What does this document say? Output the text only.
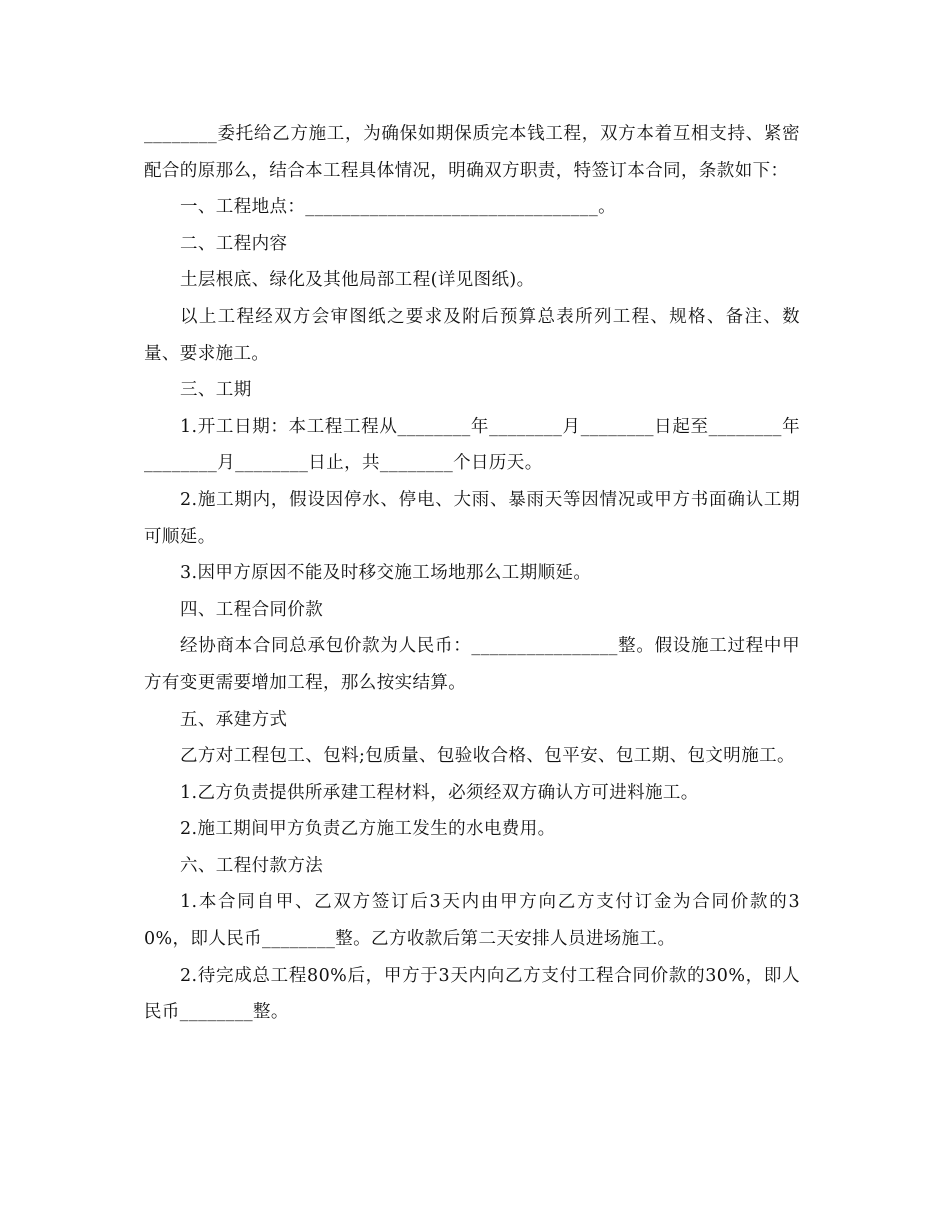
________委托给乙方施工，为确保如期保质完本钱工程，双方本着互相支持、紧密配合的原那么，结合本工程具体情况，明确双方职责，特签订本合同，条款如下：

一、工程地点：________________________________。

二、工程内容

土层根底、绿化及其他局部工程(详见图纸)。

以上工程经双方会审图纸之要求及附后预算总表所列工程、规格、备注、数量、要求施工。

三、工期

1.开工日期：本工程工程从________年________月________日起至________年________月________日止，共________个日历天。

2.施工期内，假设因停水、停电、大雨、暴雨天等因情况或甲方书面确认工期可顺延。

3.因甲方原因不能及时移交施工场地那么工期顺延。

四、工程合同价款

经协商本合同总承包价款为人民币：________________整。假设施工过程中甲方有变更需要增加工程，那么按实结算。

五、承建方式

乙方对工程包工、包料;包质量、包验收合格、包平安、包工期、包文明施工。

1.乙方负责提供所承建工程材料，必须经双方确认方可进料施工。

2.施工期间甲方负责乙方施工发生的水电费用。

六、工程付款方法

1.本合同自甲、乙双方签订后3天内由甲方向乙方支付订金为合同价款的30%，即人民币________整。乙方收款后第二天安排人员进场施工。

2.待完成总工程80%后，甲方于3天内向乙方支付工程合同价款的30%，即人民币________整。
